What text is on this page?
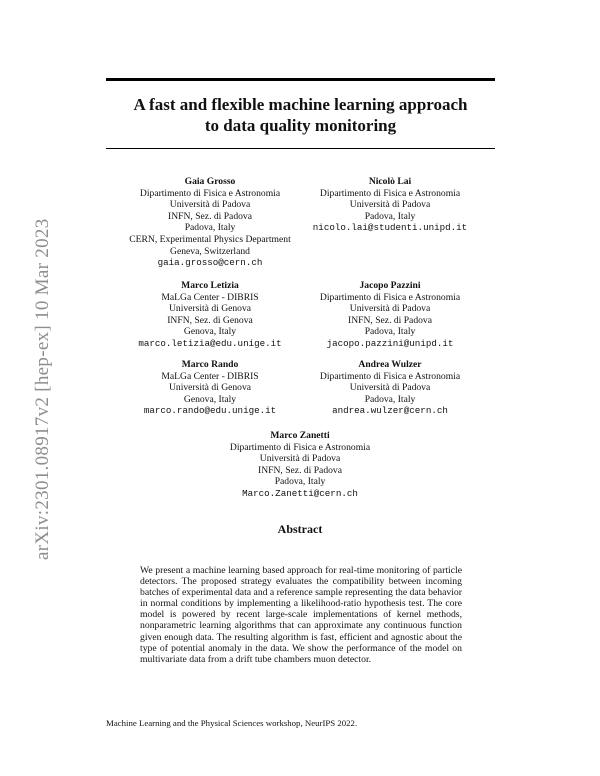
arXiv:2301.08917v2 [hep-ex] 10 Mar 2023
A fast and flexible machine learning approach
to data quality monitoring
Gaia Grosso
Dipartimento di Fisica e Astronomia
Università di Padova
INFN, Sez. di Padova
Padova, Italy
CERN, Experimental Physics Department
Geneva, Switzerland
gaia.grosso@cern.ch
Nicolò Lai
Dipartimento di Fisica e Astronomia
Università di Padova
Padova, Italy
nicolo.lai@studenti.unipd.it
Marco Letizia
MaLGa Center - DIBRIS
Università di Genova
INFN, Sez. di Genova
Genova, Italy
marco.letizia@edu.unige.it
Jacopo Pazzini
Dipartimento di Fisica e Astronomia
Università di Padova
INFN, Sez. di Padova
Padova, Italy
jacopo.pazzini@unipd.it
Marco Rando
MaLGa Center - DIBRIS
Università di Genova
Genova, Italy
marco.rando@edu.unige.it
Andrea Wulzer
Dipartimento di Fisica e Astronomia
Università di Padova
Padova, Italy
andrea.wulzer@cern.ch
Marco Zanetti
Dipartimento di Fisica e Astronomia
Università di Padova
INFN, Sez. di Padova
Padova, Italy
Marco.Zanetti@cern.ch
Abstract
We present a machine learning based approach for real-time monitoring of particle detectors. The proposed strategy evaluates the compatibility between incoming batches of experimental data and a reference sample representing the data behavior in normal conditions by implementing a likelihood-ratio hypothesis test. The core model is powered by recent large-scale implementations of kernel methods, nonparametric learning algorithms that can approximate any continuous function given enough data. The resulting algorithm is fast, efficient and agnostic about the type of potential anomaly in the data. We show the performance of the model on multivariate data from a drift tube chambers muon detector.
Machine Learning and the Physical Sciences workshop, NeurIPS 2022.
